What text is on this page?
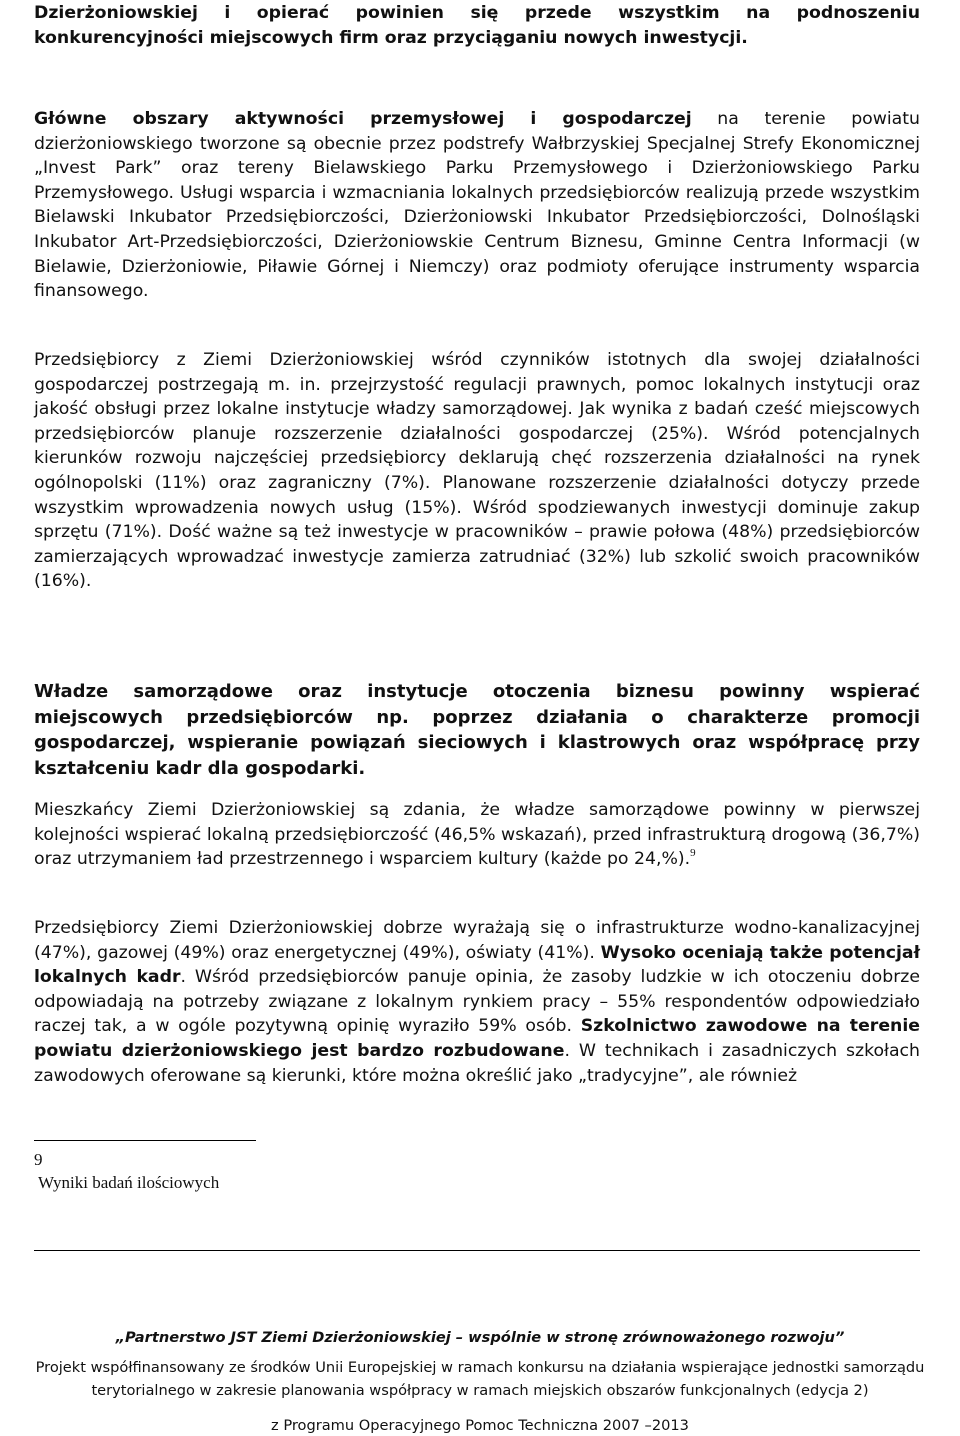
Dzierżoniowskiej i opierać powinien się przede wszystkim na podnoszeniu konkurencyjności miejscowych firm oraz przyciąganiu nowych inwestycji.

Główne obszary aktywności przemysłowej i gospodarczej na terenie powiatu dzierżoniowskiego tworzone są obecnie przez podstrefy Wałbrzyskiej Specjalnej Strefy Ekonomicznej „Invest Park” oraz tereny Bielawskiego Parku Przemysłowego i Dzierżoniowskiego Parku Przemysłowego. Usługi wsparcia i wzmacniania lokalnych przedsiębiorców realizują przede wszystkim Bielawski Inkubator Przedsiębiorczości, Dzierżoniowski Inkubator Przedsiębiorczości, Dolnośląski Inkubator Art-Przedsiębiorczości, Dzierżoniowskie Centrum Biznesu, Gminne Centra Informacji (w Bielawie, Dzierżoniowie, Piławie Górnej i Niemczy) oraz podmioty oferujące instrumenty wsparcia finansowego.

Przedsiębiorcy z Ziemi Dzierżoniowskiej wśród czynników istotnych dla swojej działalności gospodarczej postrzegają m. in. przejrzystość regulacji prawnych, pomoc lokalnych instytucji oraz jakość obsługi przez lokalne instytucje władzy samorządowej. Jak wynika z badań cześć miejscowych przedsiębiorców planuje rozszerzenie działalności gospodarczej (25%). Wśród potencjalnych kierunków rozwoju najczęściej przedsiębiorcy deklarują chęć rozszerzenia działalności na rynek ogólnopolski (11%) oraz zagraniczny (7%). Planowane rozszerzenie działalności dotyczy przede wszystkim wprowadzenia nowych usług (15%). Wśród spodziewanych inwestycji dominuje zakup sprzętu (71%). Dość ważne są też inwestycje w pracowników – prawie połowa (48%) przedsiębiorców zamierzających wprowadzać inwestycje zamierza zatrudniać (32%) lub szkolić swoich pracowników (16%).

Władze samorządowe oraz instytucje otoczenia biznesu powinny wspierać miejscowych przedsiębiorców np. poprzez działania o charakterze promocji gospodarczej, wspieranie powiązań sieciowych i klastrowych oraz współpracę przy kształceniu kadr dla gospodarki.

Mieszkańcy Ziemi Dzierżoniowskiej są zdania, że władze samorządowe powinny w pierwszej kolejności wspierać lokalną przedsiębiorczość (46,5% wskazań), przed infrastrukturą drogową (36,7%) oraz utrzymaniem ład przestrzennego i wsparciem kultury (każde po 24,%).$^9$

Przedsiębiorcy Ziemi Dzierżoniowskiej dobrze wyrażają się o infrastrukturze wodno-kanalizacyjnej (47%), gazowej (49%) oraz energetycznej (49%), oświaty (41%). Wysoko oceniają także potencjał lokalnych kadr. Wśród przedsiębiorców panuje opinia, że zasoby ludzkie w ich otoczeniu dobrze odpowiadają na potrzeby związane z lokalnym rynkiem pracy – 55% respondentów odpowiedziało raczej tak, a w ogóle pozytywną opinię wyraziło 59% osób. Szkolnictwo zawodowe na terenie powiatu dzierżoniowskiego jest bardzo rozbudowane. W technikach i zasadniczych szkołach zawodowych oferowane są kierunki, które można określić jako „tradycyjne”, ale również

9
Wyniki badań ilościowych
„Partnerstwo JST Ziemi Dzierżoniowskiej – wspólnie w stronę zrównoważonego rozwoju”
Projekt współfinansowany ze środków Unii Europejskiej w ramach konkursu na działania wspierające jednostki samorządu
terytorialnego w zakresie planowania współpracy w ramach miejskich obszarów funkcjonalnych (edycja 2)
z Programu Operacyjnego Pomoc Techniczna 2007 –2013
